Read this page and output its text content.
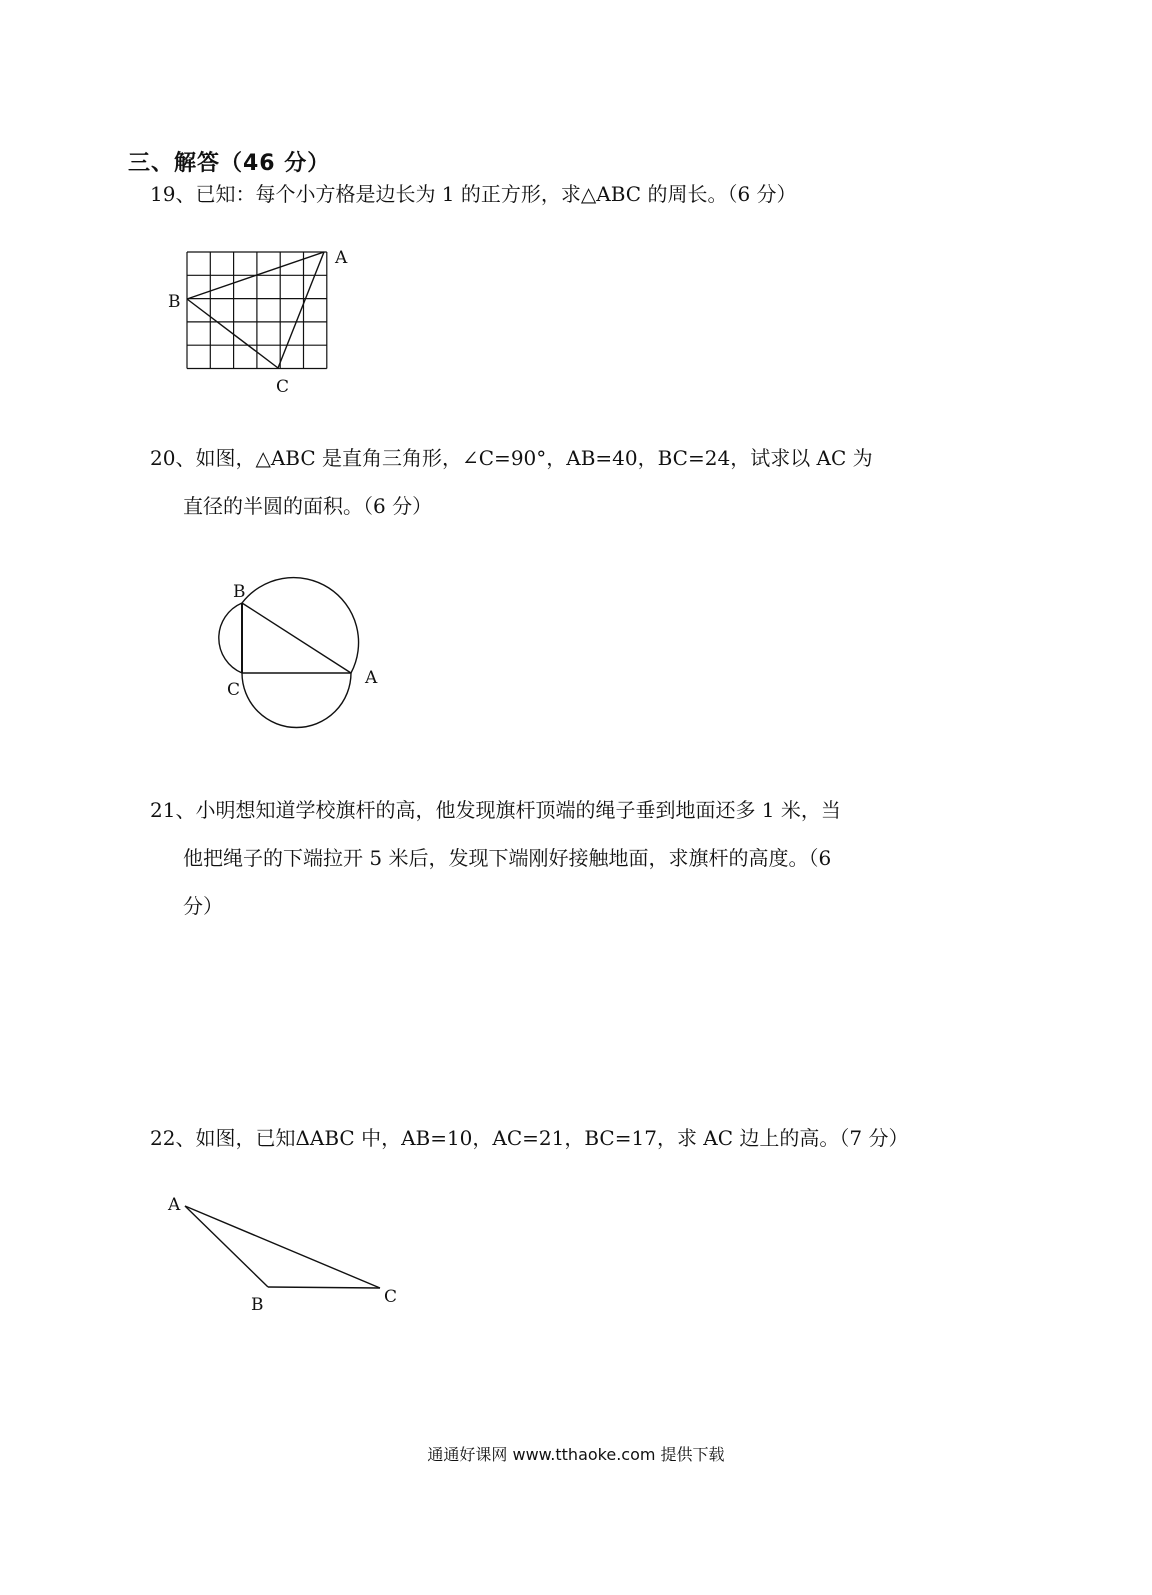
三、解答（46 分）
19、已知：每个小方格是边长为 1 的正方形，求△ABC 的周长。（6 分）
A
B
C
20、如图，△ABC 是直角三角形，∠C=90°，AB=40，BC=24，试求以 AC 为
直径的半圆的面积。（6 分）
B
C
A
21、小明想知道学校旗杆的高，他发现旗杆顶端的绳子垂到地面还多 1 米，当
他把绳子的下端拉开 5 米后，发现下端刚好接触地面，求旗杆的高度。（6
分）
22、如图，已知ΔABC 中，AB=10，AC=21，BC=17，求 AC 边上的高。（7 分）
A
B	C
通通好课网 www.tthaoke.com 提供下载
